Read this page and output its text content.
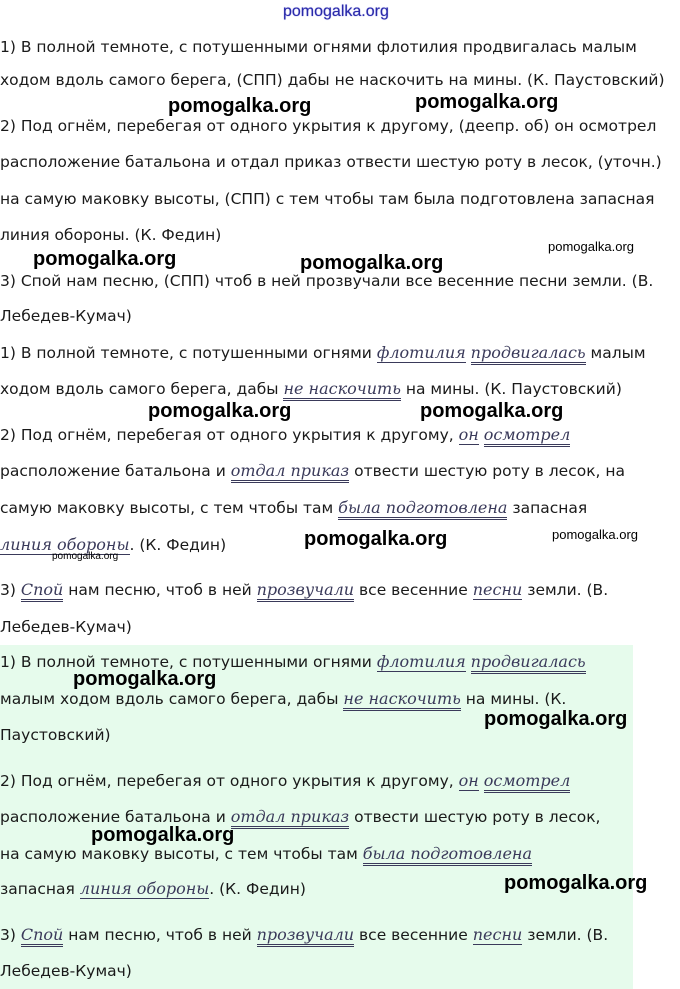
pomogalka.org
1) В полной темноте, с потушенными огнями флотилия продвигалась малым
ходом вдоль самого берега, (СПП) дабы не наскочить на мины. (К. Паустовский)
2) Под огнём, перебегая от одного укрытия к другому, (деепр. об) он осмотрел
расположение батальона и отдал приказ отвести шестую роту в лесок, (уточн.)
на самую маковку высоты, (СПП) с тем чтобы там была подготовлена запасная
линия обороны. (К. Федин)
3) Спой нам песню, (СПП) чтоб в ней прозвучали все весенние песни земли. (В.
Лебедев-Кумач)
1) В полной темноте, с потушенными огнями флотилия продвигалась малым
ходом вдоль самого берега, дабы не наскочить на мины. (К. Паустовский)
2) Под огнём, перебегая от одного укрытия к другому, он осмотрел
расположение батальона и отдал приказ отвести шестую роту в лесок, на
самую маковку высоты, с тем чтобы там была подготовлена запасная
линия обороны. (К. Федин)
3) Спой нам песню, чтоб в ней прозвучали все весенние песни земли. (В.
Лебедев-Кумач)
1) В полной темноте, с потушенными огнями флотилия продвигалась
малым ходом вдоль самого берега, дабы не наскочить на мины. (К.
Паустовский)
2) Под огнём, перебегая от одного укрытия к другому, он осмотрел
расположение батальона и отдал приказ отвести шестую роту в лесок,
на самую маковку высоты, с тем чтобы там была подготовлена
запасная линия обороны. (К. Федин)
3) Спой нам песню, чтоб в ней прозвучали все весенние песни земли. (В.
Лебедев-Кумач)
pomogalka.org	pomogalka.org
pomogalka.org
pomogalka.org	pomogalka.org
pomogalka.org	pomogalka.org
pomogalka.org	pomogalka.org
pomogalka.org
pomogalka.org
pomogalka.org
pomogalka.org
pomogalka.org
